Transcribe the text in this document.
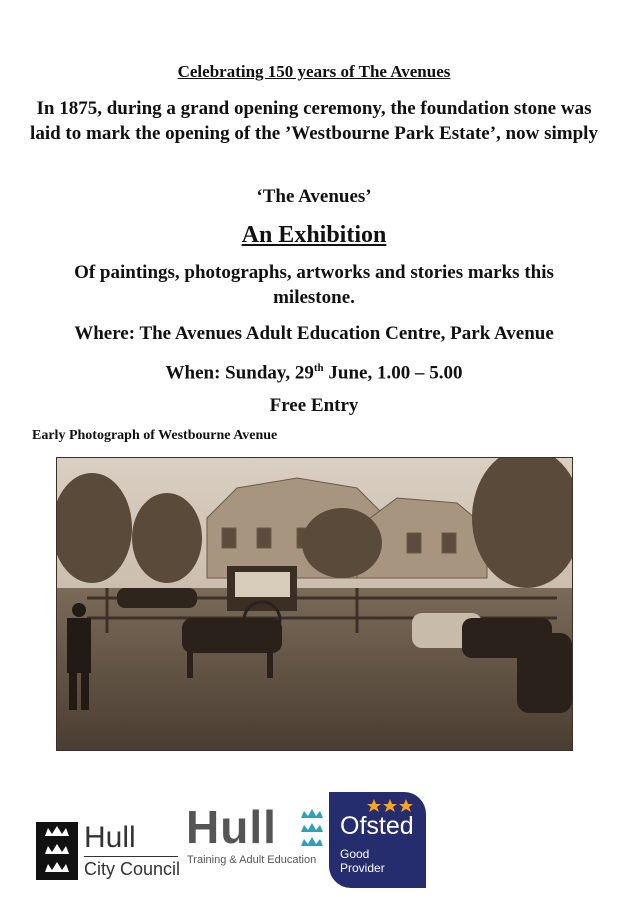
Celebrating 150 years of The Avenues
In 1875, during a grand opening ceremony, the foundation stone was laid to mark the opening of the ’Westbourne Park Estate’, now simply
‘The Avenues’
An Exhibition
Of paintings, photographs, artworks and stories marks this milestone.
Where: The Avenues Adult Education Centre, Park Avenue
When: Sunday, 29th June, 1.00 – 5.00
Free Entry
Early Photograph of Westbourne Avenue
Hull
City Council
Hull
Training & Adult Education
Ofsted
Good
Provider
